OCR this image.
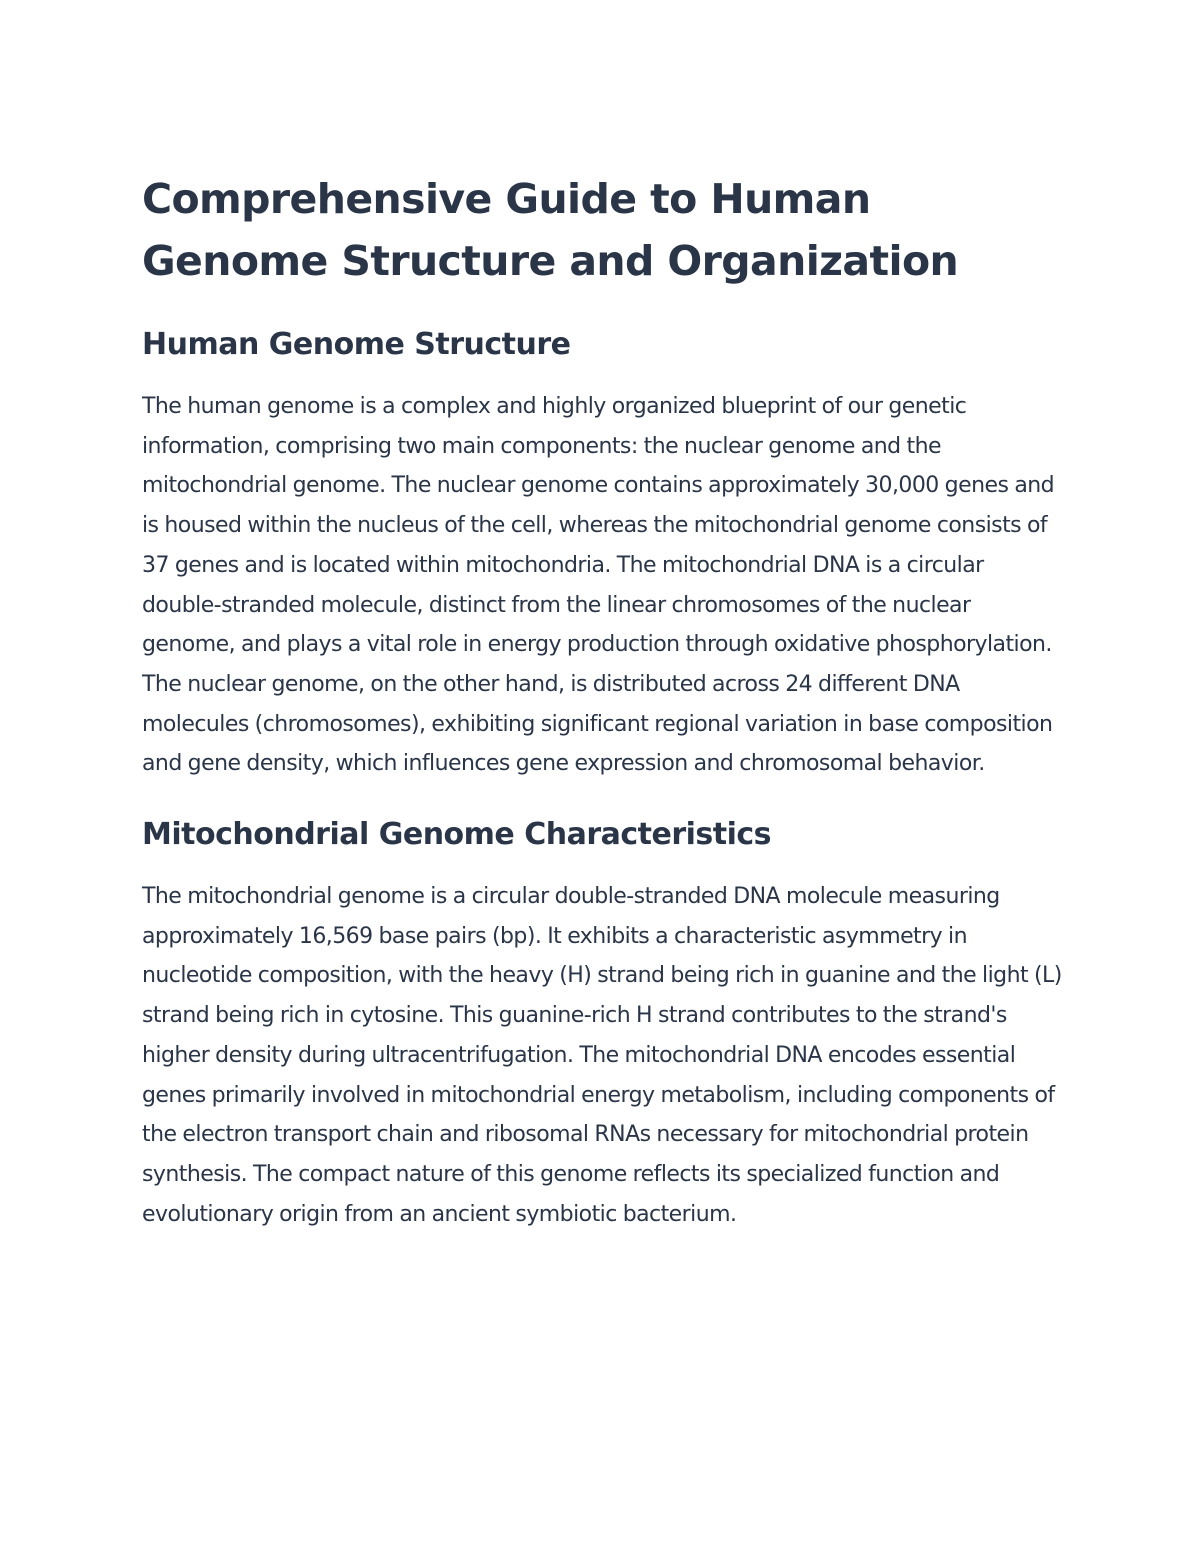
Comprehensive Guide to Human Genome Structure and Organization
Human Genome Structure

The human genome is a complex and highly organized blueprint of our genetic information, comprising two main components: the nuclear genome and the mitochondrial genome. The nuclear genome contains approximately 30,000 genes and is housed within the nucleus of the cell, whereas the mitochondrial genome consists of 37 genes and is located within mitochondria. The mitochondrial DNA is a circular double-stranded molecule, distinct from the linear chromosomes of the nuclear genome, and plays a vital role in energy production through oxidative phosphorylation. The nuclear genome, on the other hand, is distributed across 24 different DNA molecules (chromosomes), exhibiting significant regional variation in base composition and gene density, which influences gene expression and chromosomal behavior.

Mitochondrial Genome Characteristics

The mitochondrial genome is a circular double-stranded DNA molecule measuring approximately 16,569 base pairs (bp). It exhibits a characteristic asymmetry in nucleotide composition, with the heavy (H) strand being rich in guanine and the light (L) strand being rich in cytosine. This guanine-rich H strand contributes to the strand's higher density during ultracentrifugation. The mitochondrial DNA encodes essential genes primarily involved in mitochondrial energy metabolism, including components of the electron transport chain and ribosomal RNAs necessary for mitochondrial protein synthesis. The compact nature of this genome reflects its specialized function and evolutionary origin from an ancient symbiotic bacterium.
